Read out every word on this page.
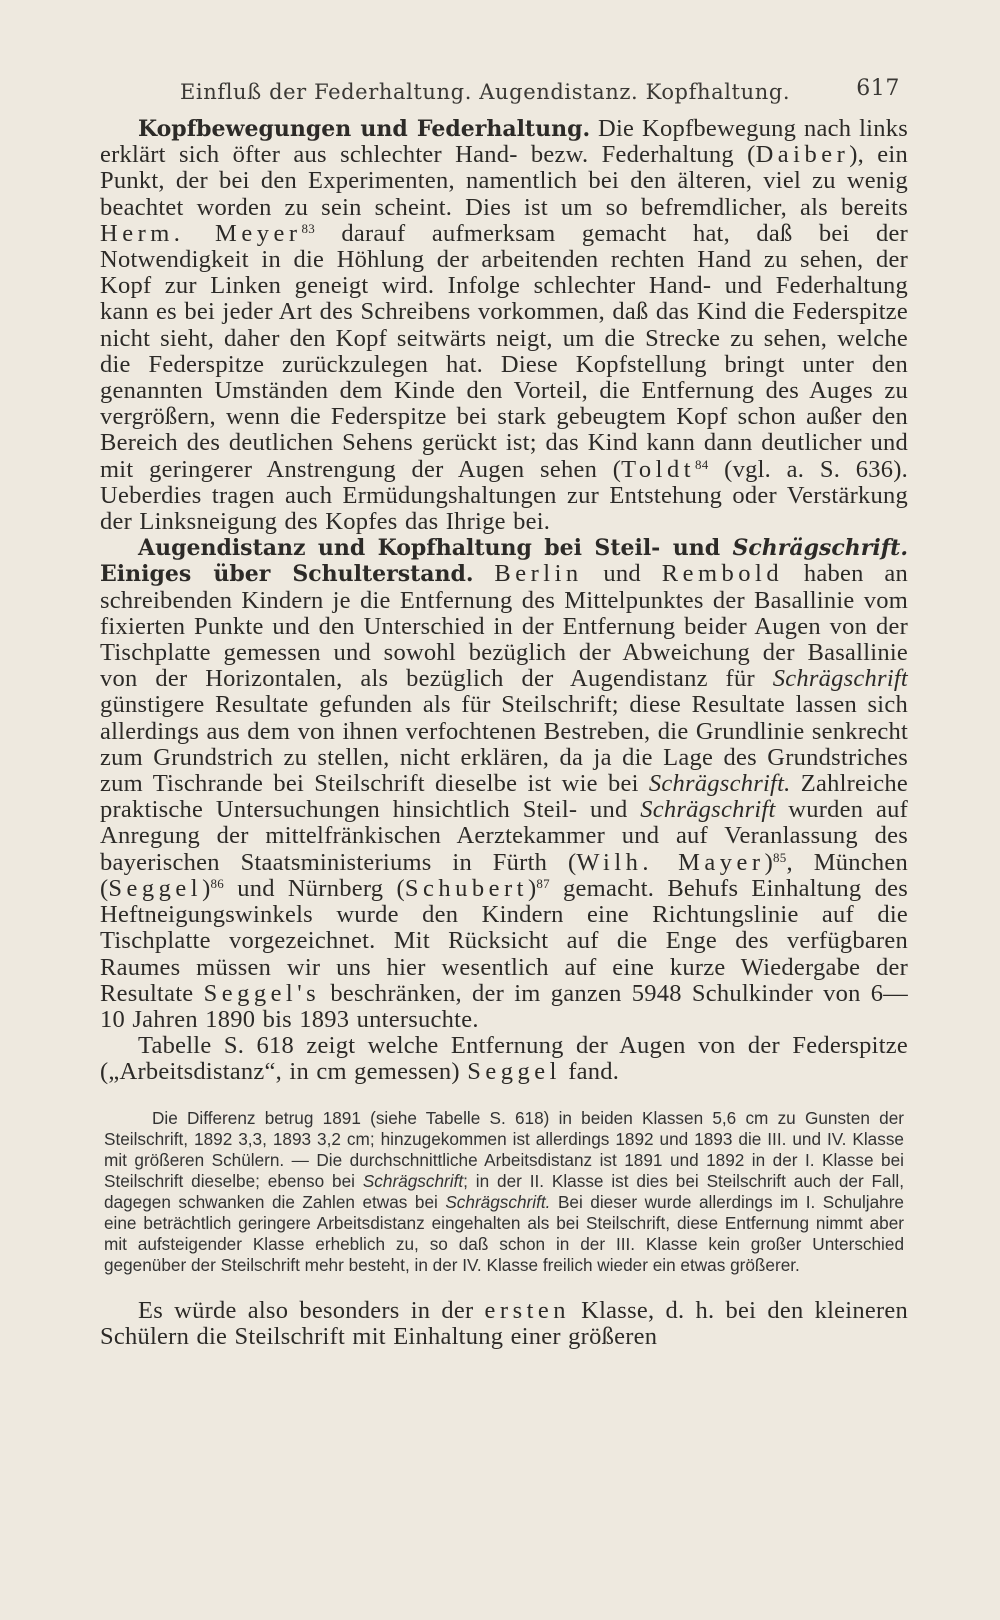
Einfluß der Federhaltung. Augendistanz. Kopfhaltung.	617

Kopfbewegungen und Federhaltung. Die Kopfbewegung nach links erklärt sich öfter aus schlechter Hand- bezw. Federhaltung (Daiber), ein Punkt, der bei den Experimenten, namentlich bei den älteren, viel zu wenig beachtet worden zu sein scheint. Dies ist um so befremdlicher, als bereits Herm. Meyer$^{83}$ darauf aufmerksam gemacht hat, daß bei der Notwendigkeit in die Höhlung der arbeitenden rechten Hand zu sehen, der Kopf zur Linken geneigt wird. Infolge schlechter Hand- und Federhaltung kann es bei jeder Art des Schreibens vorkommen, daß das Kind die Federspitze nicht sieht, daher den Kopf seitwärts neigt, um die Strecke zu sehen, welche die Federspitze zurückzulegen hat. Diese Kopfstellung bringt unter den genannten Umständen dem Kinde den Vorteil, die Entfernung des Auges zu vergrößern, wenn die Federspitze bei stark gebeugtem Kopf schon außer den Bereich des deutlichen Sehens gerückt ist; das Kind kann dann deutlicher und mit geringerer Anstrengung der Augen sehen (Toldt$^{84}$ (vgl. a. S. 636). Ueberdies tragen auch Ermüdungshaltungen zur Entstehung oder Verstärkung der Linksneigung des Kopfes das Ihrige bei.

Augendistanz und Kopfhaltung bei Steil- und Schrägschrift. Einiges über Schulterstand. Berlin und Rembold haben an schreibenden Kindern je die Entfernung des Mittelpunktes der Basallinie vom fixierten Punkte und den Unterschied in der Entfernung beider Augen von der Tischplatte gemessen und sowohl bezüglich der Abweichung der Basallinie von der Horizontalen, als bezüglich der Augendistanz für Schrägschrift günstigere Resultate gefunden als für Steilschrift; diese Resultate lassen sich allerdings aus dem von ihnen verfochtenen Bestreben, die Grundlinie senkrecht zum Grundstrich zu stellen, nicht erklären, da ja die Lage des Grundstriches zum Tischrande bei Steilschrift dieselbe ist wie bei Schrägschrift. Zahlreiche praktische Untersuchungen hinsichtlich Steil- und Schrägschrift wurden auf Anregung der mittelfränkischen Aerztekammer und auf Veranlassung des bayerischen Staatsministeriums in Fürth (Wilh. Mayer)$^{85}$, München (Seggel)$^{86}$ und Nürnberg (Schubert)$^{87}$ gemacht. Behufs Einhaltung des Heftneigungswinkels wurde den Kindern eine Richtungslinie auf die Tischplatte vorgezeichnet. Mit Rücksicht auf die Enge des verfügbaren Raumes müssen wir uns hier wesentlich auf eine kurze Wiedergabe der Resultate Seggel's beschränken, der im ganzen 5948 Schulkinder von 6—10 Jahren 1890 bis 1893 untersuchte.

Tabelle S. 618 zeigt welche Entfernung der Augen von der Federspitze („Arbeitsdistanz“, in cm gemessen) Seggel fand.

Die Differenz betrug 1891 (siehe Tabelle S. 618) in beiden Klassen 5,6 cm zu Gunsten der Steilschrift, 1892 3,3, 1893 3,2 cm; hinzugekommen ist allerdings 1892 und 1893 die III. und IV. Klasse mit größeren Schülern. — Die durchschnittliche Arbeitsdistanz ist 1891 und 1892 in der I. Klasse bei Steilschrift dieselbe; ebenso bei Schrägschrift; in der II. Klasse ist dies bei Steilschrift auch der Fall, dagegen schwanken die Zahlen etwas bei Schrägschrift. Bei dieser wurde allerdings im I. Schuljahre eine beträchtlich geringere Arbeitsdistanz eingehalten als bei Steilschrift, diese Entfernung nimmt aber mit aufsteigender Klasse erheblich zu, so daß schon in der III. Klasse kein großer Unterschied gegenüber der Steilschrift mehr besteht, in der IV. Klasse freilich wieder ein etwas größerer.

Es würde also besonders in der ersten Klasse, d. h. bei den kleineren Schülern die Steilschrift mit Einhaltung einer größeren
